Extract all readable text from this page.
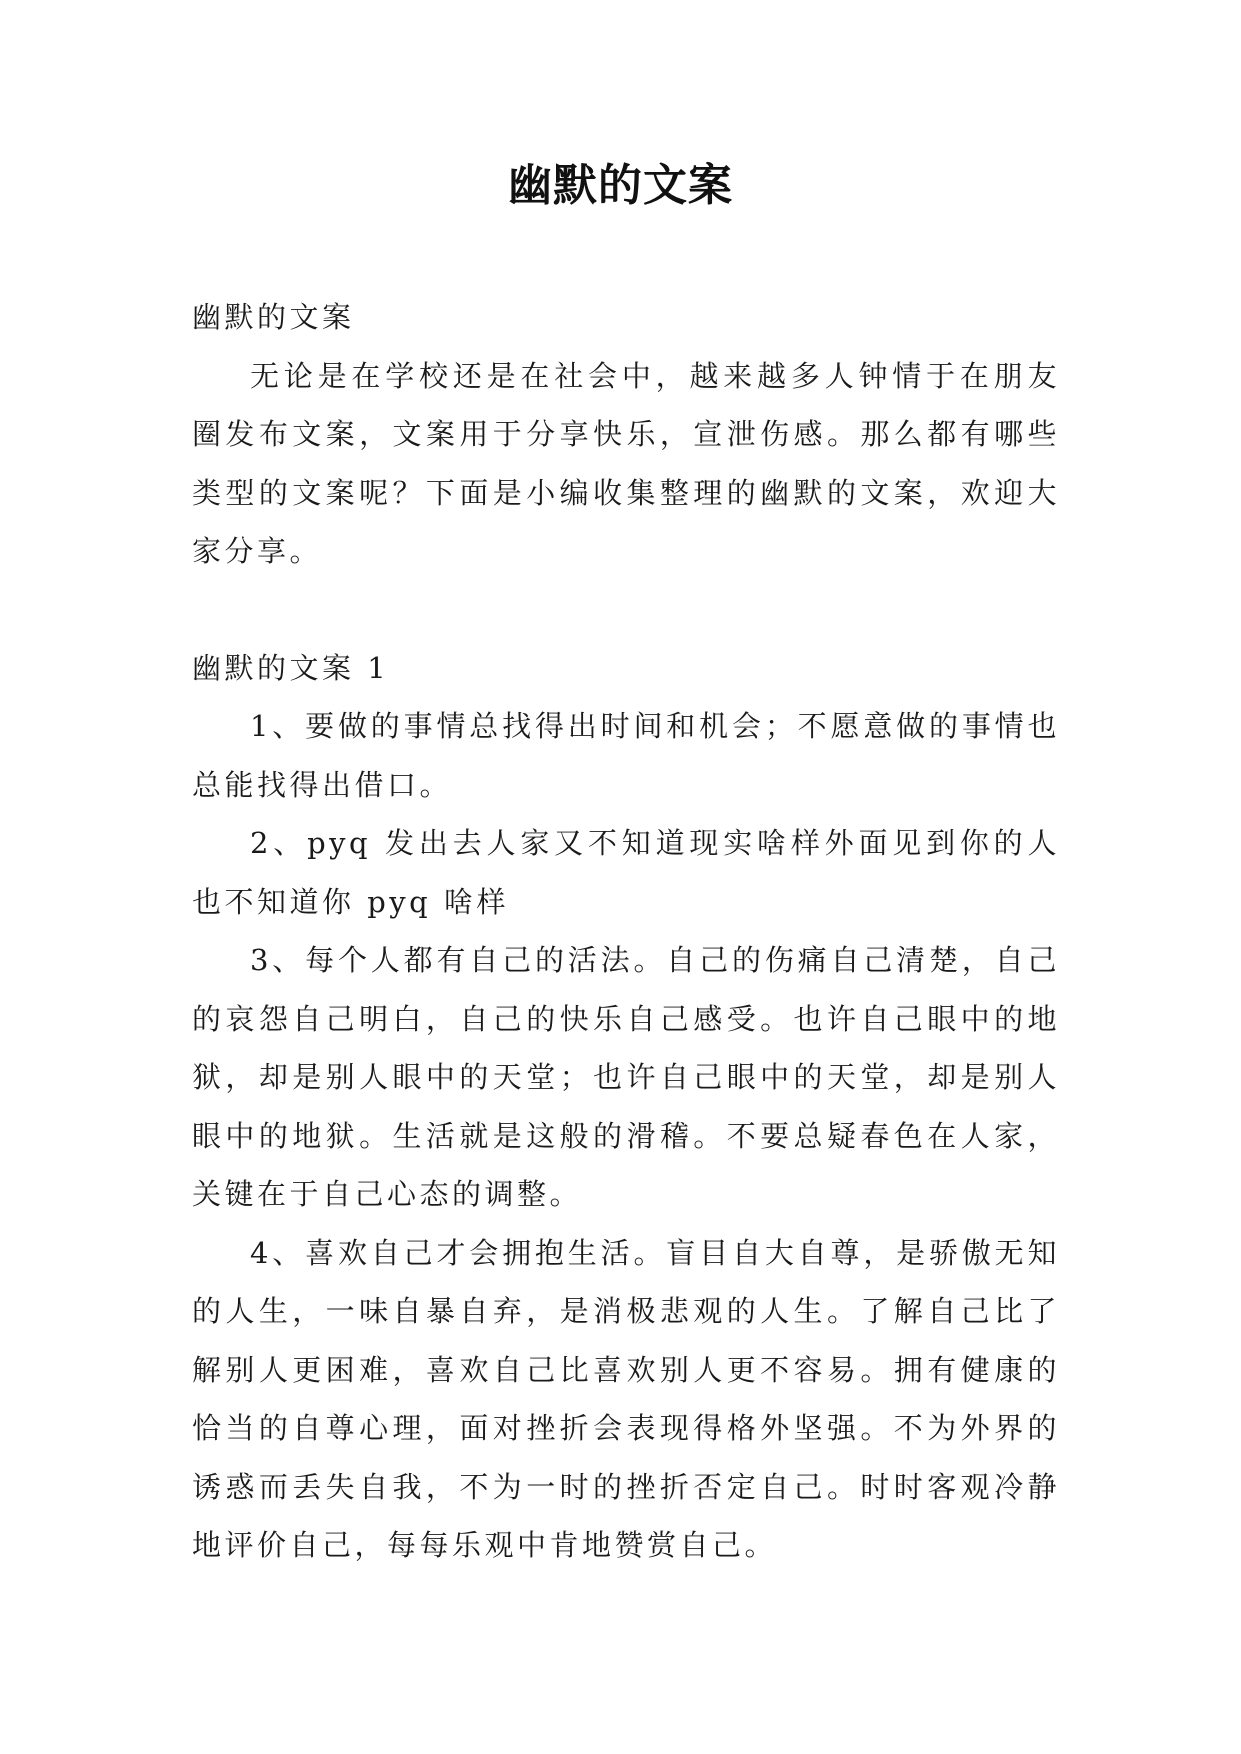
幽默的文案

幽默的文案

无论是在学校还是在社会中，越来越多人钟情于在朋友圈发布文案，文案用于分享快乐，宣泄伤感。那么都有哪些类型的文案呢？下面是小编收集整理的幽默的文案，欢迎大家分享。

幽默的文案 1

1、要做的事情总找得出时间和机会；不愿意做的事情也总能找得出借口。

2、pyq 发出去人家又不知道现实啥样外面见到你的人也不知道你 pyq 啥样

3、每个人都有自己的活法。自己的伤痛自己清楚，自己的哀怨自己明白，自己的快乐自己感受。也许自己眼中的地狱，却是别人眼中的天堂；也许自己眼中的天堂，却是别人眼中的地狱。生活就是这般的滑稽。不要总疑春色在人家，关键在于自己心态的调整。

4、喜欢自己才会拥抱生活。盲目自大自尊，是骄傲无知的人生，一味自暴自弃，是消极悲观的人生。了解自己比了解别人更困难，喜欢自己比喜欢别人更不容易。拥有健康的恰当的自尊心理，面对挫折会表现得格外坚强。不为外界的诱惑而丢失自我，不为一时的挫折否定自己。时时客观冷静地评价自己，每每乐观中肯地赞赏自己。
